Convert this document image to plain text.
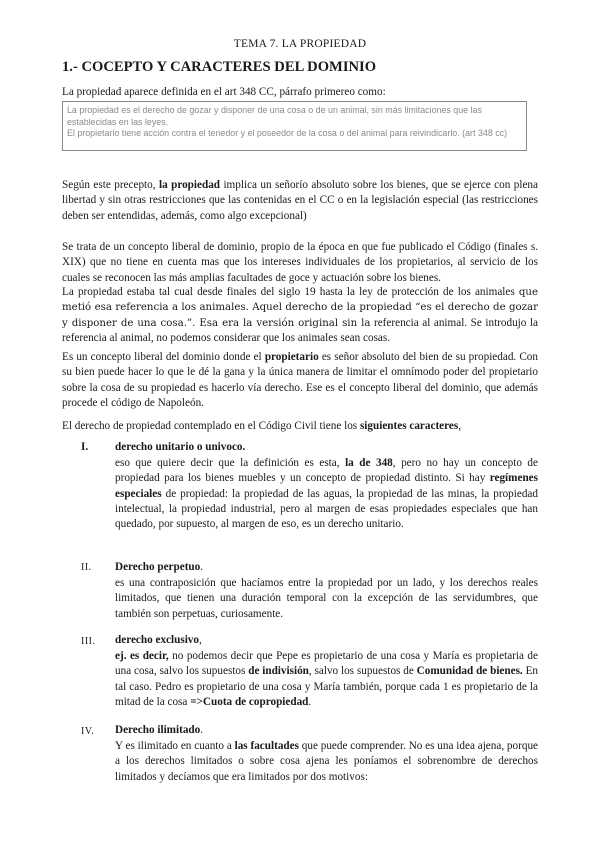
TEMA 7. LA PROPIEDAD
1.- COCEPTO Y CARACTERES DEL DOMINIO
La propiedad aparece definida en el art 348 CC, párrafo primereo como:

La propiedad es el derecho de gozar y disponer de una cosa o de un animal, sin más limitaciones que las establecidas en las leyes.

El propietario tiene acción contra el tenedor y el poseedor de la cosa o del animal para reivindicarlo. (art 348 cc)

Según este precepto, la propiedad implica un señorío absoluto sobre los bienes, que se ejerce con plena libertad y sin otras restricciones que las contenidas en el CC o en la legislación especial (las restricciones deben ser entendidas, además, como algo excepcional)

Se trata de un concepto liberal de dominio, propio de la época en que fue publicado el Código (finales s. XIX) que no tiene en cuenta mas que los intereses individuales de los propietarios, al servicio de los cuales se reconocen las más amplias facultades de goce y actuación sobre los bienes.

La propiedad estaba tal cual desde finales del siglo 19 hasta la ley de protección de los animales que metió esa referencia a los animales. Aquel derecho de la propiedad “es el derecho de gozar y disponer de una cosa.”. Esa era la versión original sin la referencia al animal. Se introdujo la referencia al animal, no podemos considerar que los animales sean cosas.

Es un concepto liberal del dominio donde el propietario es señor absoluto del bien de su propiedad. Con su bien puede hacer lo que le dé la gana y la única manera de limitar el omnímodo poder del propietario sobre la cosa de su propiedad es hacerlo vía derecho. Ese es el concepto liberal del dominio, que además procede el código de Napoleón.

El derecho de propiedad contemplado en el Código Civil tiene los siguientes caracteres,

I. derecho unitario o univoco.

eso que quiere decir que la definición es esta, la de 348, pero no hay un concepto de propiedad para los bienes muebles y un concepto de propiedad distinto. Si hay regímenes especiales de propiedad: la propiedad de las aguas, la propiedad de las minas, la propiedad intelectual, la propiedad industrial, pero al margen de esas propiedades especiales que han quedado, por supuesto, al margen de eso, es un derecho unitario.

II. Derecho perpetuo.

es una contraposición que hacíamos entre la propiedad por un lado, y los derechos reales limitados, que tienen una duración temporal con la excepción de las servidumbres, que también son perpetuas, curiosamente.

III. derecho exclusivo,

ej. es decir, no podemos decir que Pepe es propietario de una cosa y María es propietaria de una cosa, salvo los supuestos de indivisión, salvo los supuestos de Comunidad de bienes. En tal caso. Pedro es propietario de una cosa y María también, porque cada 1 es propietario de la mitad de la cosa =>Cuota de copropiedad.

IV. Derecho ilimitado.

Y es ilimitado en cuanto a las facultades que puede comprender. No es una idea ajena, porque a los derechos limitados o sobre cosa ajena les poníamos el sobrenombre de derechos limitados y decíamos que era limitados por dos motivos:
